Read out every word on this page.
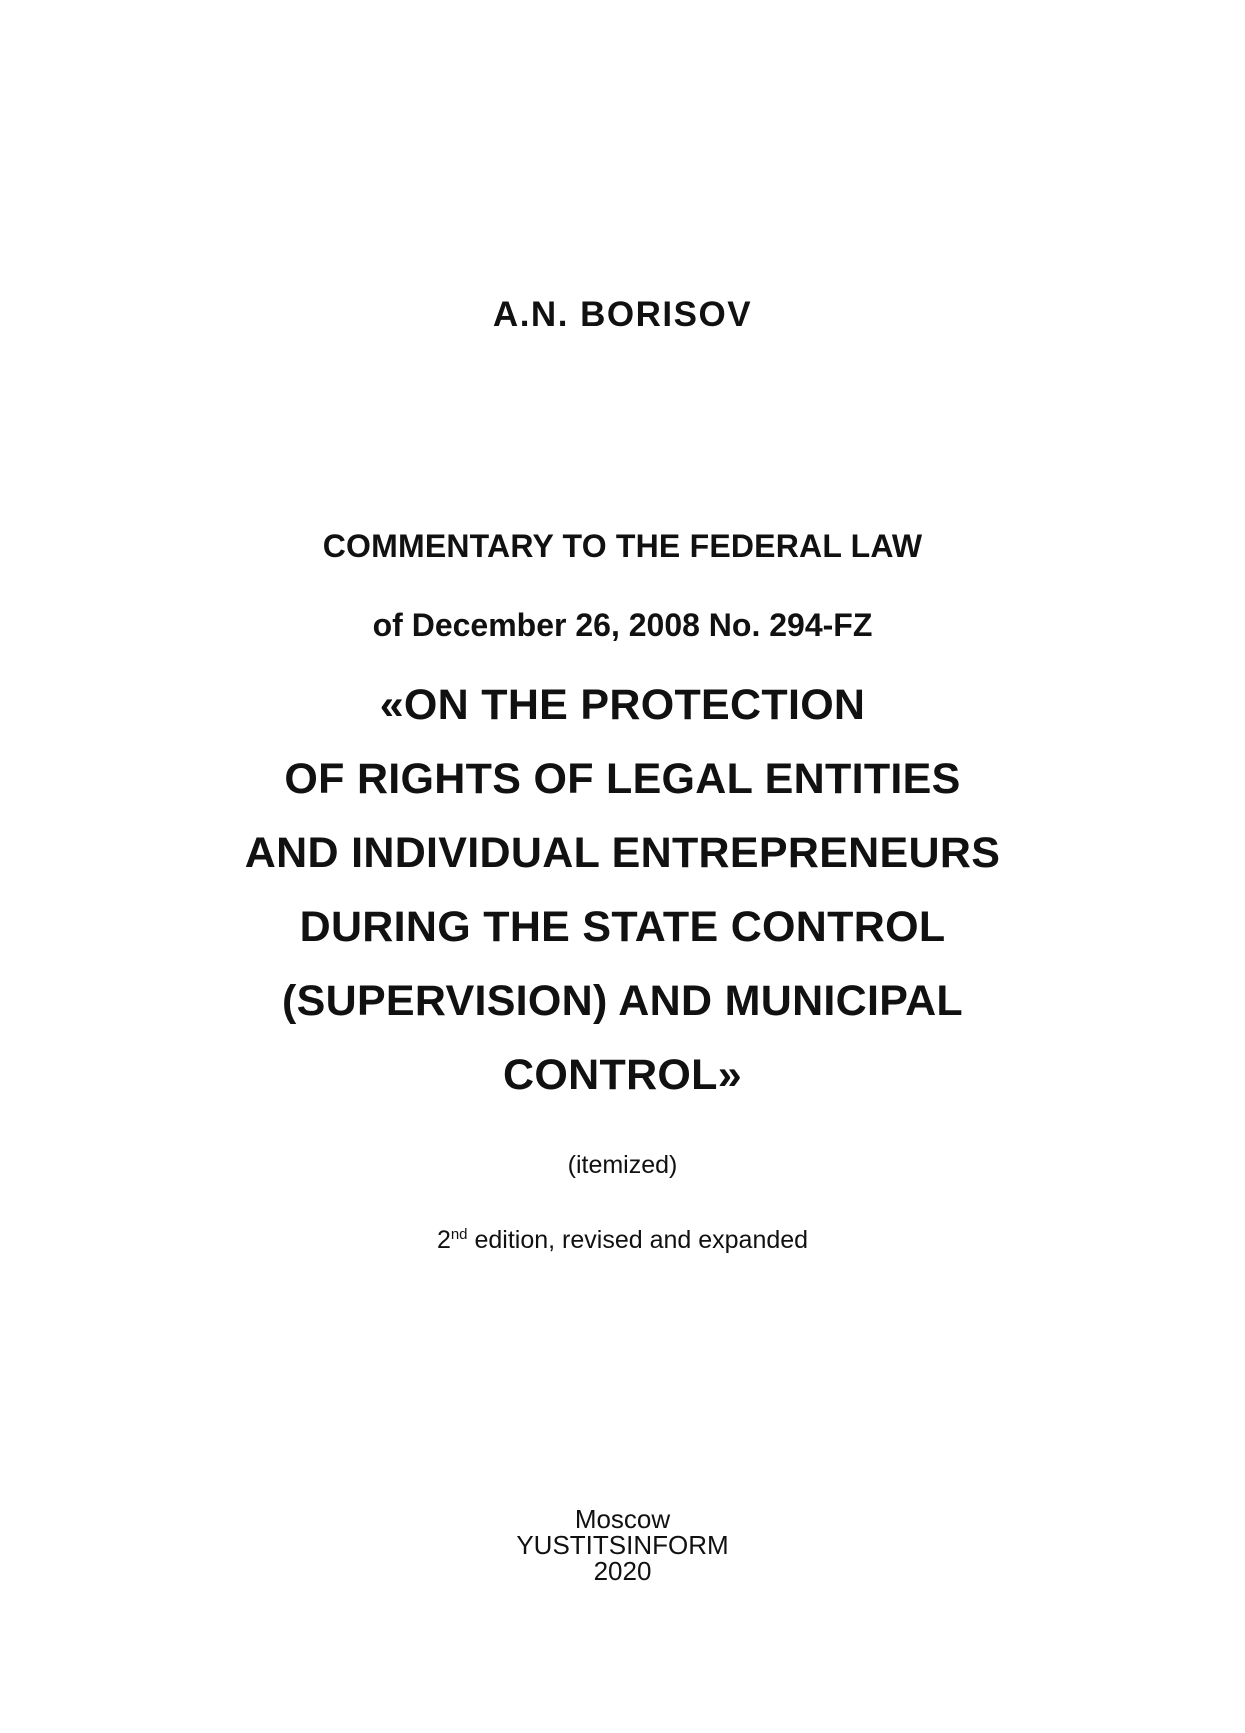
A.N. BORISOV
COMMENTARY TO THE FEDERAL LAW
of December 26, 2008 No. 294-FZ
«ON THE PROTECTION
OF RIGHTS OF LEGAL ENTITIES
AND INDIVIDUAL ENTREPRENEURS
DURING THE STATE CONTROL
(SUPERVISION) AND MUNICIPAL
CONTROL»
(itemized)
2nd edition, revised and expanded
Moscow
YUSTITSINFORM
2020
